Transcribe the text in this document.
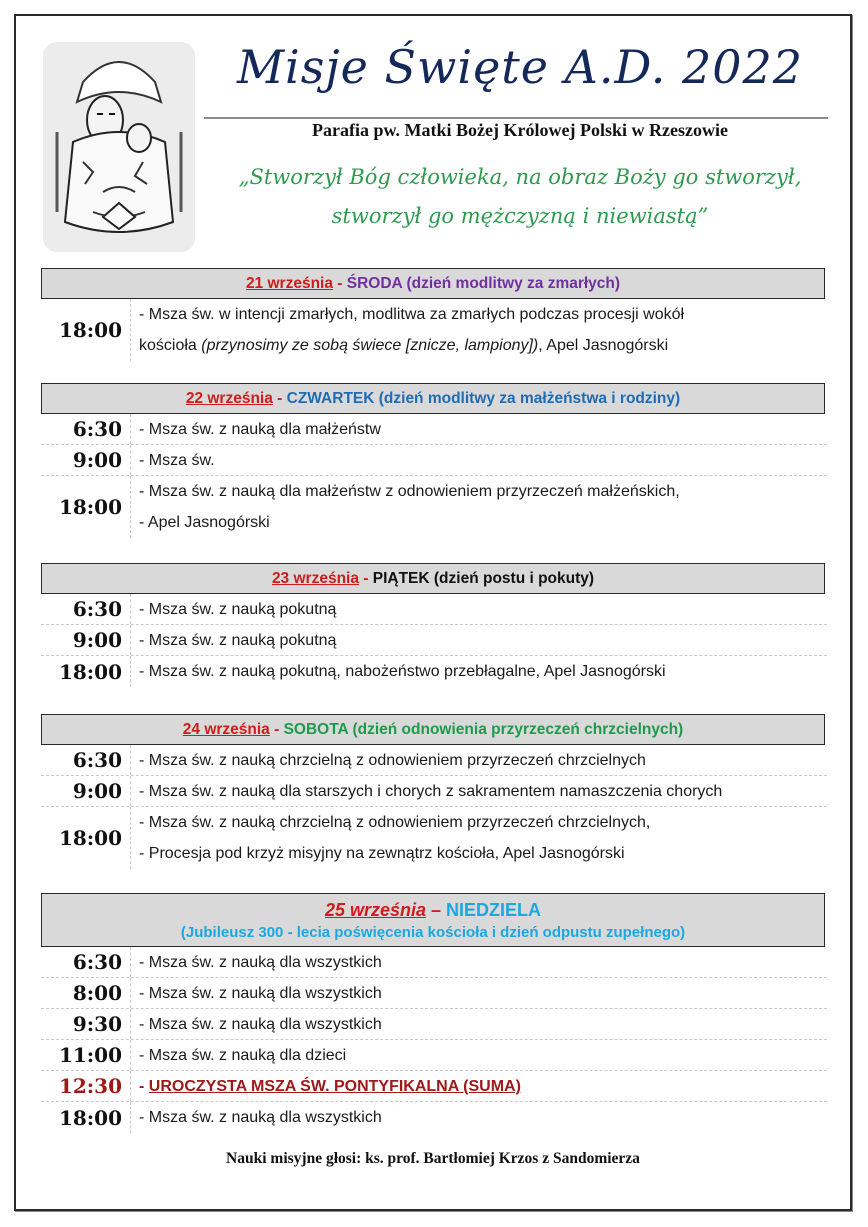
Misje Święte A.D. 2022
Parafia pw. Matki Bożej Królowej Polski w Rzeszowie
„Stworzył Bóg człowieka, na obraz Boży go stworzył,
stworzył go mężczyzną i niewiastą”
21 września - ŚRODA (dzień modlitwy za zmarłych)
18:00
- Msza św. w intencji zmarłych, modlitwa za zmarłych podczas procesji wokół
kościoła (przynosimy ze sobą świece [znicze, lampiony]), Apel Jasnogórski
22 września - CZWARTEK (dzień modlitwy za małżeństwa i rodziny)
6:30	- Msza św. z nauką dla małżeństw
9:00	- Msza św.
18:00
- Msza św. z nauką dla małżeństw z odnowieniem przyrzeczeń małżeńskich,
- Apel Jasnogórski
23 września - PIĄTEK (dzień postu i pokuty)
6:30	- Msza św. z nauką pokutną
9:00	- Msza św. z nauką pokutną
18:00	- Msza św. z nauką pokutną, nabożeństwo przebłagalne, Apel Jasnogórski
24 września - SOBOTA (dzień odnowienia przyrzeczeń chrzcielnych)
6:30	- Msza św. z nauką chrzcielną z odnowieniem przyrzeczeń chrzcielnych
9:00	- Msza św. z nauką dla starszych i chorych z sakramentem namaszczenia chorych
18:00
- Msza św. z nauką chrzcielną z odnowieniem przyrzeczeń chrzcielnych,
- Procesja pod krzyż misyjny na zewnątrz kościoła, Apel Jasnogórski
25 września – NIEDZIELA
(Jubileusz 300 - lecia poświęcenia kościoła i dzień odpustu zupełnego)
6:30	- Msza św. z nauką dla wszystkich
8:00	- Msza św. z nauką dla wszystkich
9:30	- Msza św. z nauką dla wszystkich
11:00	- Msza św. z nauką dla dzieci
12:30	- UROCZYSTA MSZA ŚW. PONTYFIKALNA (SUMA)
18:00	- Msza św. z nauką dla wszystkich
Nauki misyjne głosi: ks. prof. Bartłomiej Krzos z Sandomierza
